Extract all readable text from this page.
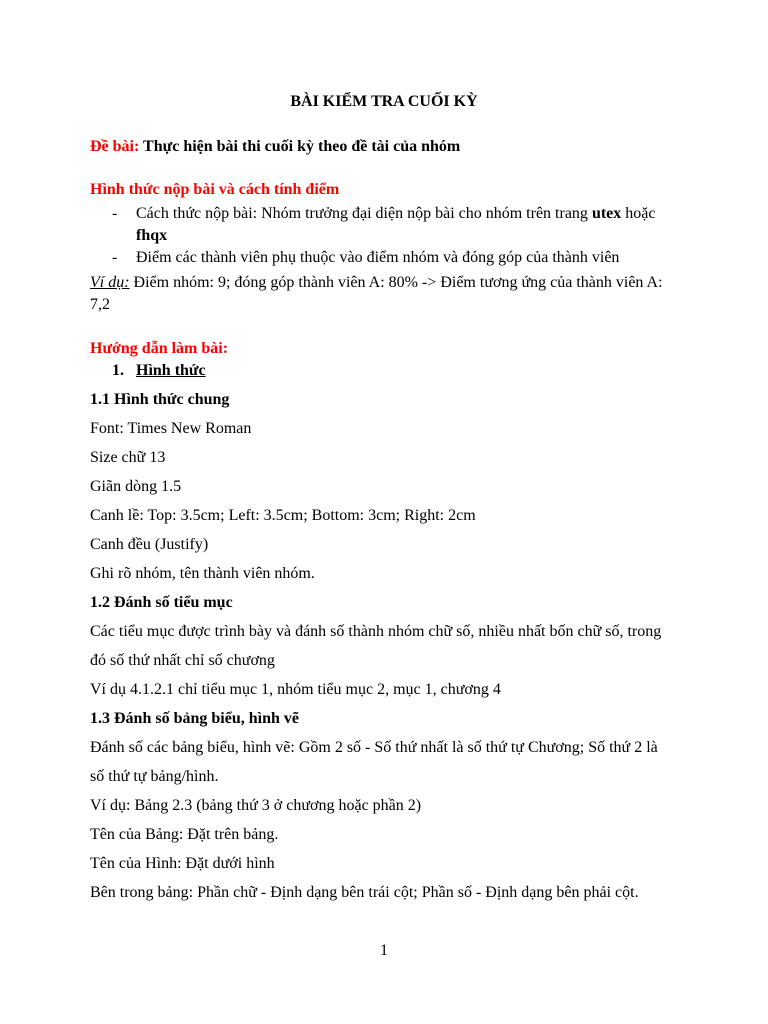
BÀI KIỂM TRA CUỐI KỲ
Đề bài: Thực hiện bài thi cuối kỳ theo đề tài của nhóm
Hình thức nộp bài và cách tính điểm
- Cách thức nộp bài: Nhóm trưởng đại diện nộp bài cho nhóm trên trang utex hoặc
fhqx
- Điểm các thành viên phụ thuộc vào điểm nhóm và đóng góp của thành viên
Ví dụ: Điểm nhóm: 9; đóng góp thành viên A: 80% -> Điểm tương ứng của thành viên A:
7,2
Hướng dẫn làm bài:
1. Hình thức
1.1 Hình thức chung
Font: Times New Roman
Size chữ 13
Giãn dòng 1.5
Canh lề: Top: 3.5cm; Left: 3.5cm; Bottom: 3cm; Right: 2cm
Canh đều (Justify)
Ghi rõ nhóm, tên thành viên nhóm.
1.2 Đánh số tiểu mục
Các tiểu mục được trình bày và đánh số thành nhóm chữ số, nhiều nhất bốn chữ số, trong
đó số thứ nhất chỉ số chương
Ví dụ 4.1.2.1 chỉ tiểu mục 1, nhóm tiểu mục 2, mục 1, chương 4
1.3 Đánh số bảng biểu, hình vẽ
Đánh số các bảng biểu, hình vẽ: Gồm 2 số - Số thứ nhất là số thứ tự Chương; Số thứ 2 là
số thứ tự bảng/hình.
Ví dụ: Bảng 2.3 (bảng thứ 3 ở chương hoặc phần 2)
Tên của Bảng: Đặt trên bảng.
Tên của Hình: Đặt dưới hình
Bên trong bảng: Phần chữ - Định dạng bên trái cột; Phần số - Định dạng bên phải cột.
1
